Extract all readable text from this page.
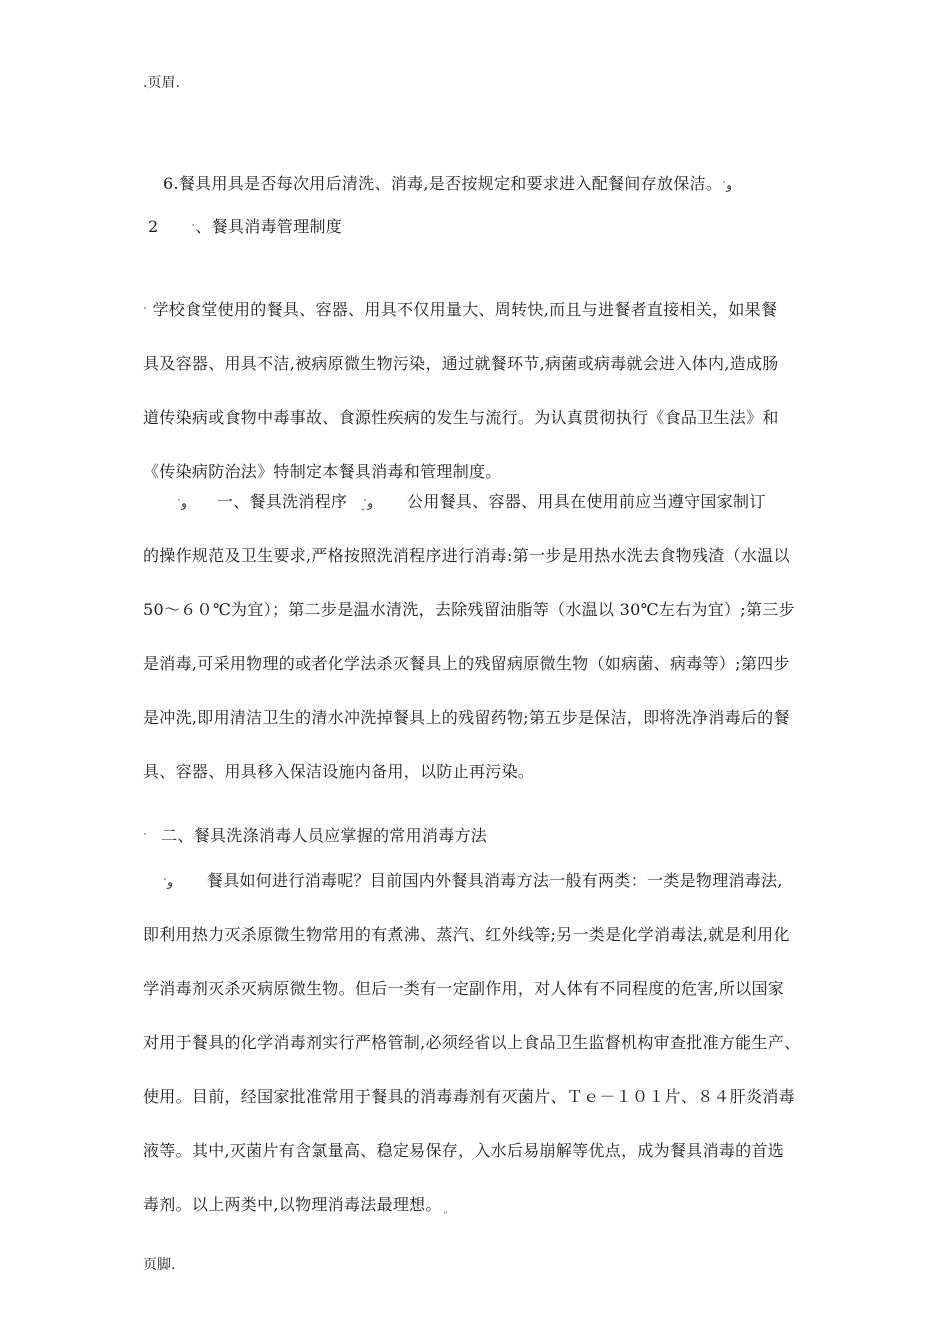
.页眉.
6.餐具用具是否每次用后清洗、消毒,是否按规定和要求进入配餐间存放保洁。ॱو
2	ॱ、餐具消毒管理制度
ॱ 学校食堂使用的餐具、容器、用具不仅用量大、周转快,而且与进餐者直接相关，如果餐
具及容器、用具不洁,被病原微生物污染，通过就餐环节,病菌或病毒就会进入体内,造成肠
道传染病或食物中毒事故、食源性疾病的发生与流行。为认真贯彻执行《食品卫生法》和
《传染病防治法》特制定本餐具消毒和管理制度。
ॱو 一、餐具洗消程序 ܸ ॱو 公用餐具、容器、用具在使用前应当遵守国家制订
的操作规范及卫生要求,严格按照洗消程序进行消毒:第一步是用热水洗去食物残渣（水温以
50～６０℃为宜）；第二步是温水清洗，去除残留油脂等（水温以 30℃左右为宜）;第三步
是消毒,可采用物理的或者化学法杀灭餐具上的残留病原微生物（如病菌、病毒等）;第四步
是冲洗,即用清洁卫生的清水冲洗掉餐具上的残留药物;第五步是保洁，即将洗净消毒后的餐
具、容器、用具移入保洁设施内备用，以防止再污染。
ॱ 二、餐具洗涤消毒人员应掌握的常用消毒方法
ॱو 餐具如何进行消毒呢？目前国内外餐具消毒方法一般有两类：一类是物理消毒法,
即利用热力灭杀原微生物常用的有煮沸、蒸汽、红外线等;另一类是化学消毒法,就是利用化
学消毒剂灭杀灭病原微生物。但后一类有一定副作用，对人体有不同程度的危害,所以国家
对用于餐具的化学消毒剂实行严格管制,必须经省以上食品卫生监督机构审查批准方能生产、
使用。目前，经国家批准常用于餐具的消毒毒剂有灭菌片、Ｔｅ－１０１片、８４肝炎消毒
液等。其中,灭菌片有含氯量高、稳定易保存，入水后易崩解等优点，成为餐具消毒的首选
毒剂。以上两类中,以物理消毒法最理想。
页脚.
